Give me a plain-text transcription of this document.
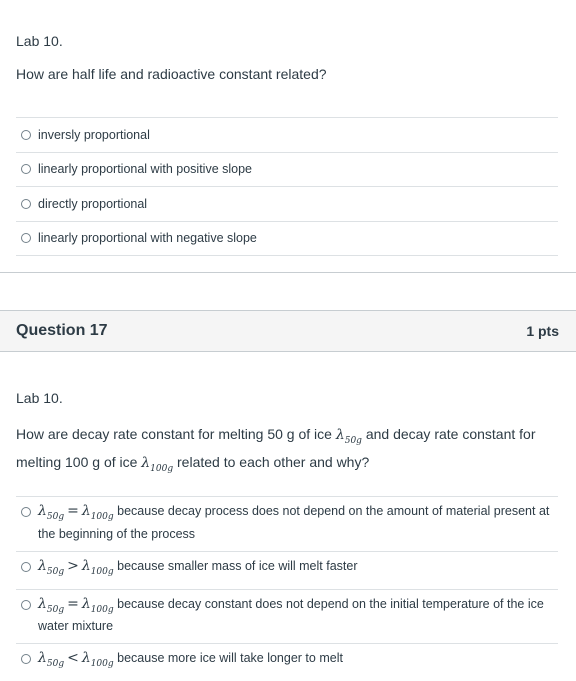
Lab 10.
How are half life and radioactive constant related?
inversly proportional
linearly proportional with positive slope
directly proportional
linearly proportional with negative slope
Question 17	1 pts
Lab 10.
How are decay rate constant for melting 50 g of ice $\lambda_{50g}$ and decay rate constant for melting 100 g of ice $\lambda_{100g}$ related to each other and why?
$\lambda_{50g} = \lambda_{100g}$ because decay process does not depend on the amount of material present at the beginning of the process
$\lambda_{50g} > \lambda_{100g}$ because smaller mass of ice will melt faster
$\lambda_{50g} = \lambda_{100g}$ because decay constant does not depend on the initial temperature of the ice water mixture
$\lambda_{50g} < \lambda_{100g}$ because more ice will take longer to melt
